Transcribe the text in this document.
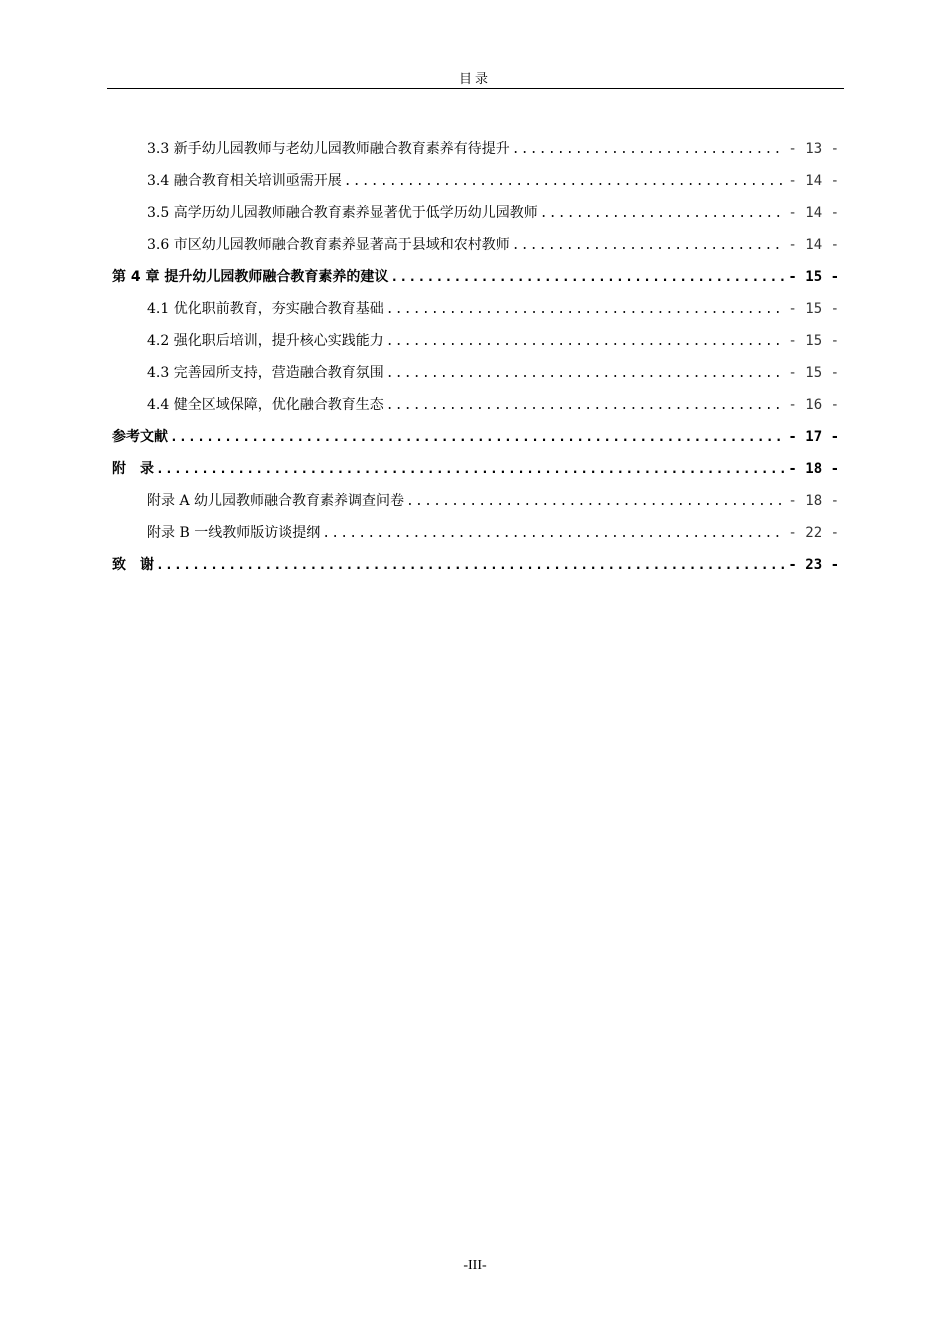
目录
3.3 新手幼儿园教师与老幼儿园教师融合教育素养有待提升 .....	- 13 -
3.4 融合教育相关培训亟需开展 .....	- 14 -
3.5 高学历幼儿园教师融合教育素养显著优于低学历幼儿园教师 .....	- 14 -
3.6 市区幼儿园教师融合教育素养显著高于县域和农村教师 .....	- 14 -
第 4 章 提升幼儿园教师融合教育素养的建议 .....	- 15 -
4.1 优化职前教育，夯实融合教育基础 .....	- 15 -
4.2 强化职后培训，提升核心实践能力 .....	- 15 -
4.3 完善园所支持，营造融合教育氛围 .....	- 15 -
4.4 健全区域保障，优化融合教育生态 .....	- 16 -
参考文献 .....	- 17 -
附　录 .....	- 18 -
附录 A 幼儿园教师融合教育素养调查问卷 .....	- 18 -
附录 B 一线教师版访谈提纲 .....	- 22 -
致　谢 .....	- 23 -
-III-
